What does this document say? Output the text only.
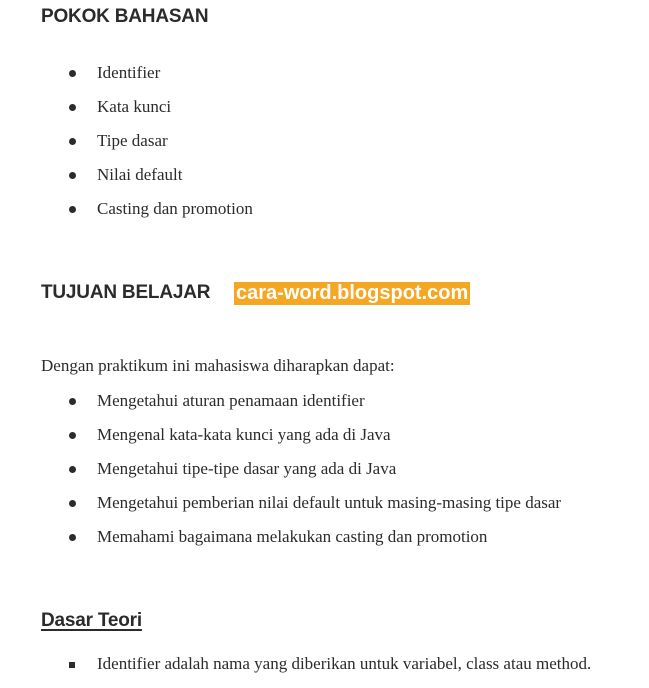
POKOK BAHASAN
Identifier
Kata kunci
Tipe dasar
Nilai default
Casting dan promotion
TUJUAN BELAJAR cara-word.blogspot.com

Dengan praktikum ini mahasiswa diharapkan dapat:

Mengetahui aturan penamaan identifier
Mengenal kata-kata kunci yang ada di Java
Mengetahui tipe-tipe dasar yang ada di Java
Mengetahui pemberian nilai default untuk masing-masing tipe dasar
Memahami bagaimana melakukan casting dan promotion
Dasar Teori
Identifier adalah nama yang diberikan untuk variabel, class atau method.
